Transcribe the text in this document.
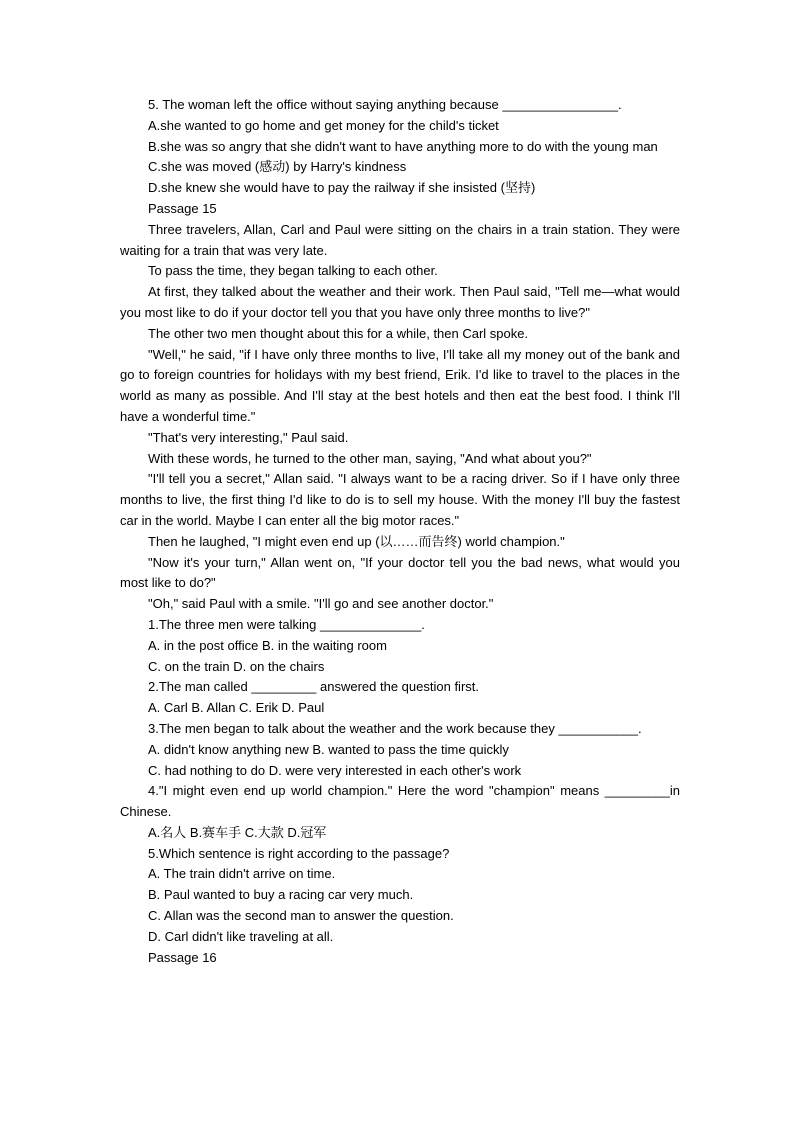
5. The woman left the office without saying anything because ________________.

A.she wanted to go home and get money for the child's ticket

B.she was so angry that she didn't want to have anything more to do with the young man

C.she was moved (感动) by Harry's kindness

D.she knew she would have to pay the railway if she insisted (坚持)

Passage 15

Three travelers, Allan, Carl and Paul were sitting on the chairs in a train station. They were waiting for a train that was very late.

To pass the time, they began talking to each other.

At first, they talked about the weather and their work. Then Paul said, "Tell me—what would you most like to do if your doctor tell you that you have only three months to live?"

The other two men thought about this for a while, then Carl spoke.

"Well," he said, "if I have only three months to live, I'll take all my money out of the bank and go to foreign countries for holidays with my best friend, Erik. I'd like to travel to the places in the world as many as possible. And I'll stay at the best hotels and then eat the best food. I think I'll have a wonderful time."

"That's very interesting," Paul said.

With these words, he turned to the other man, saying, "And what about you?"

"I'll tell you a secret," Allan said. "I always want to be a racing driver. So if I have only three months to live, the first thing I'd like to do is to sell my house. With the money I'll buy the fastest car in the world. Maybe I can enter all the big motor races."

Then he laughed, "I might even end up (以……而告终) world champion."

"Now it's your turn," Allan went on, "If your doctor tell you the bad news, what would you most like to do?"

"Oh," said Paul with a smile. "I'll go and see another doctor."

1.The three men were talking ______________.

A. in the post office B. in the waiting room

C. on the train D. on the chairs

2.The man called _________ answered the question first.

A. Carl B. Allan C. Erik D. Paul

3.The men began to talk about the weather and the work because they ___________.

A. didn't know anything new B. wanted to pass the time quickly

C. had nothing to do D. were very interested in each other's work

4."I might even end up world champion." Here the word "champion" means _________in Chinese.

A.名人 B.赛车手 C.大款 D.冠军

5.Which sentence is right according to the passage?

A. The train didn't arrive on time.

B. Paul wanted to buy a racing car very much.

C. Allan was the second man to answer the question.

D. Carl didn't like traveling at all.

Passage 16
